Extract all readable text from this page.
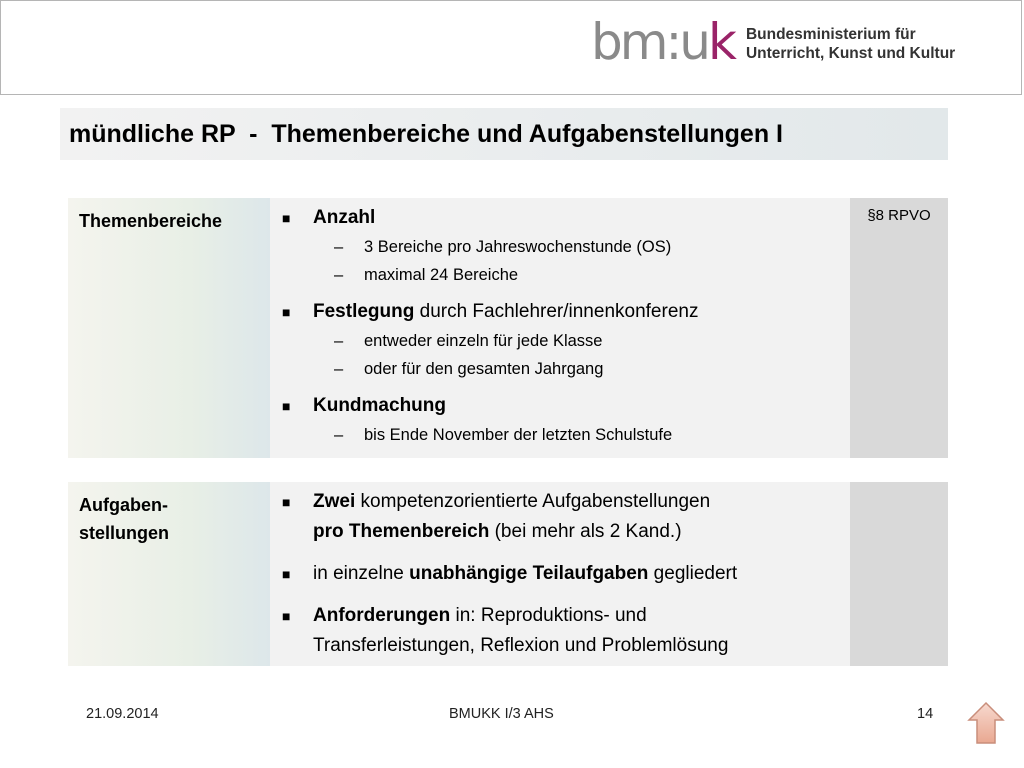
bm:uk Bundesministerium für
Unterricht, Kunst und Kultur
mündliche RP  -  Themenbereiche und Aufgabenstellungen I
Themenbereiche	■ Anzahl
– 3 Bereiche pro Jahreswochenstunde (OS)
– maximal 24 Bereiche
■ Festlegung durch Fachlehrer/innenkonferenz
– entweder einzeln für jede Klasse
– oder für den gesamten Jahrgang
■ Kundmachung
– bis Ende November der letzten Schulstufe
§8 RPVO
Aufgaben-
stellungen
■ Zwei kompetenzorientierte Aufgabenstellungen
pro Themenbereich (bei mehr als 2 Kand.)
■ in einzelne unabhängige Teilaufgaben gegliedert
■ Anforderungen in: Reproduktions- und
Transferleistungen, Reflexion und Problemlösung
21.09.2014	BMUKK I/3 AHS	14
